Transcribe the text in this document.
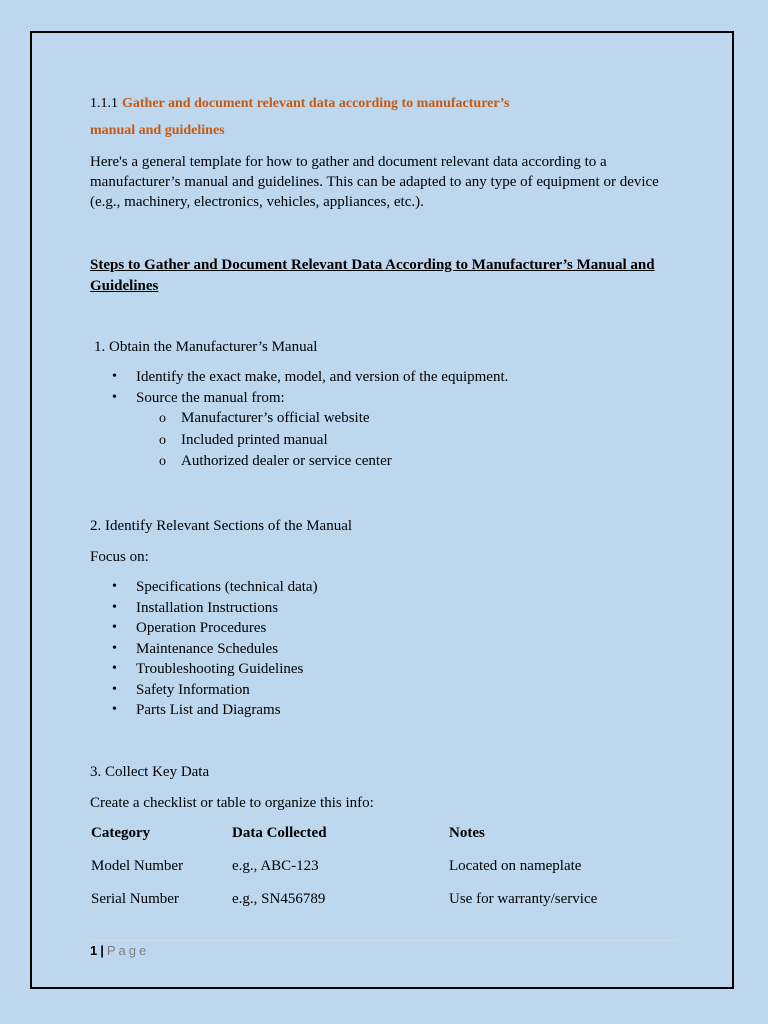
1.1.1 Gather and document relevant data according to manufacturer’s

manual and guidelines

Here's a general template for how to gather and document relevant data according to a manufacturer’s manual and guidelines. This can be adapted to any type of equipment or device (e.g., machinery, electronics, vehicles, appliances, etc.).

Steps to Gather and Document Relevant Data According to Manufacturer’s Manual and Guidelines

1. Obtain the Manufacturer’s Manual

• Identify the exact make, model, and version of the equipment.
• Source the manual from:
o Manufacturer’s official website
o Included printed manual
o Authorized dealer or service center

2. Identify Relevant Sections of the Manual

Focus on:

• Specifications (technical data)
• Installation Instructions
• Operation Procedures
• Maintenance Schedules
• Troubleshooting Guidelines
• Safety Information
• Parts List and Diagrams

3. Collect Key Data

Create a checklist or table to organize this info:

Category	Data Collected	Notes
Model Number	e.g., ABC-123	Located on nameplate
Serial Number	e.g., SN456789	Use for warranty/service
1 | Page
